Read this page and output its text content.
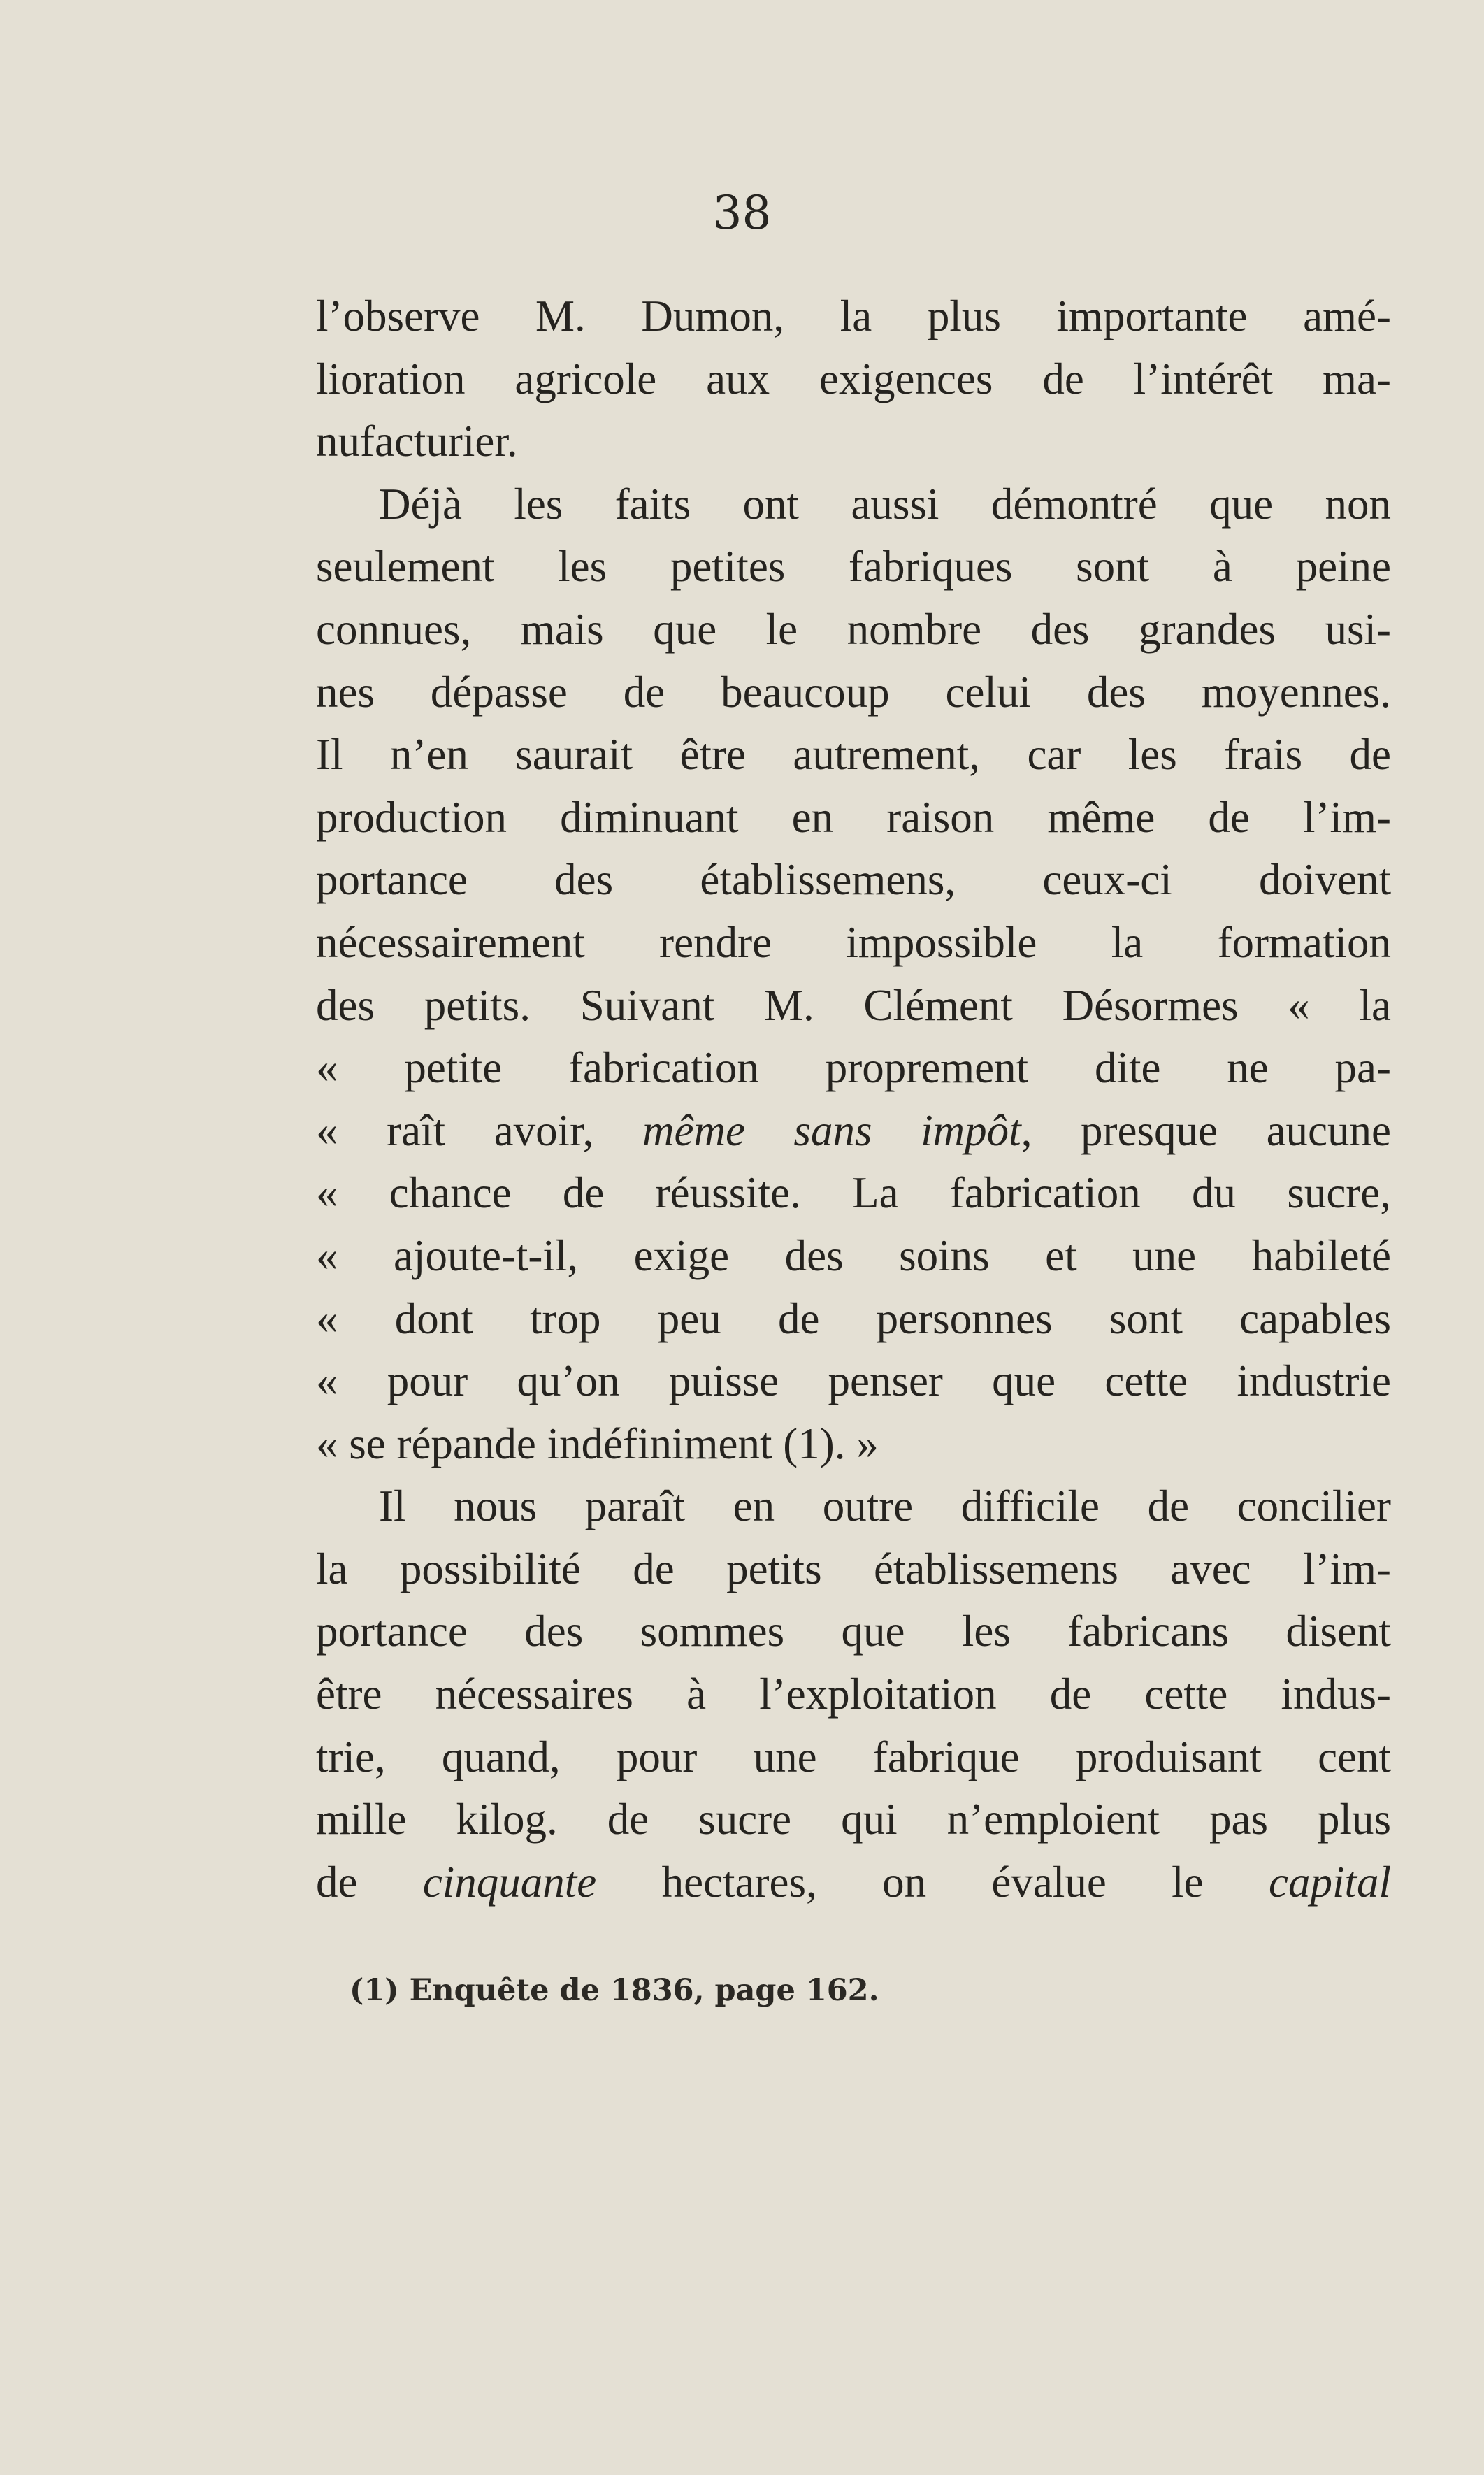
38
l’observe M. Dumon, la plus importante amé-
lioration agricole aux exigences de l’intérêt ma-
nufacturier.
Déjà les faits ont aussi démontré que non
seulement les petites fabriques sont à peine
connues, mais que le nombre des grandes usi-
nes dépasse de beaucoup celui des moyennes.
Il n’en saurait être autrement, car les frais de
production diminuant en raison même de l’im-
portance des établissemens, ceux-ci doivent
nécessairement rendre impossible la formation
des petits. Suivant M. Clément Désormes « la
« petite fabrication proprement dite ne pa-
« raît avoir, même sans impôt, presque aucune
« chance de réussite. La fabrication du sucre,
« ajoute-t-il, exige des soins et une habileté
« dont trop peu de personnes sont capables
« pour qu’on puisse penser que cette industrie
« se répande indéfiniment (1). »
Il nous paraît en outre difficile de concilier
la possibilité de petits établissemens avec l’im-
portance des sommes que les fabricans disent
être nécessaires à l’exploitation de cette indus-
trie, quand, pour une fabrique produisant cent
mille kilog. de sucre qui n’emploient pas plus
de cinquante hectares, on évalue le capital
(1) Enquête de 1836, page 162.
